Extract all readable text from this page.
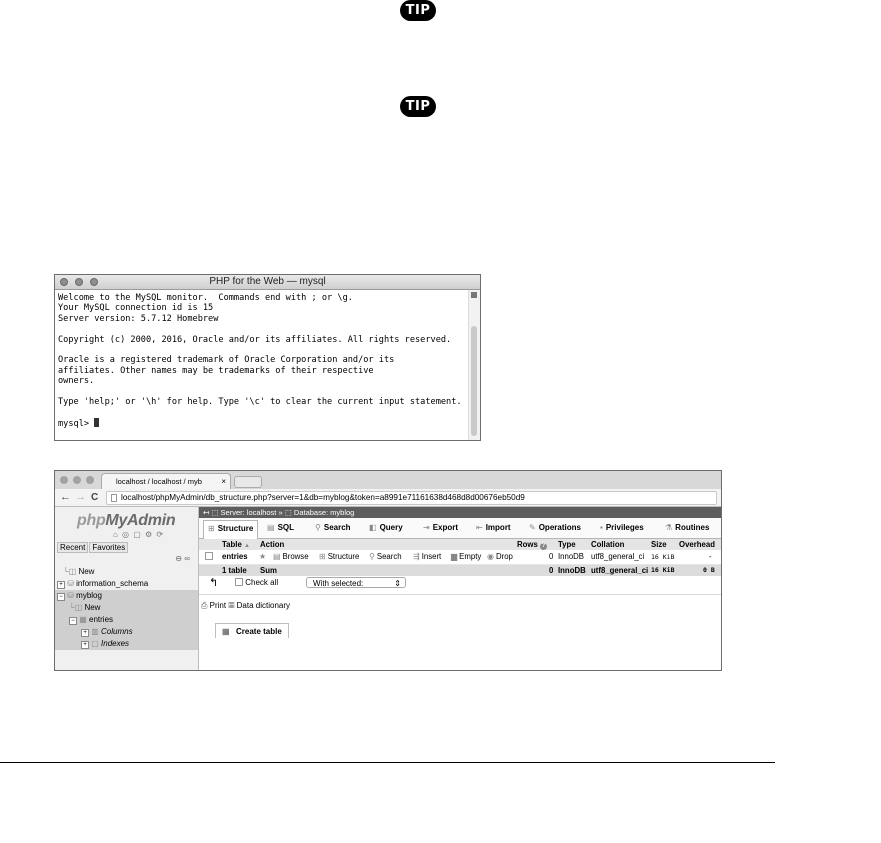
TIP
TIP
PHP for the Web — mysql
Welcome to the MySQL monitor.  Commands end with ; or \g.
Your MySQL connection id is 15
Server version: 5.7.12 Homebrew
Copyright (c) 2000, 2016, Oracle and/or its affiliates. All rights reserved.
Oracle is a registered trademark of Oracle Corporation and/or its
affiliates. Other names may be trademarks of their respective
owners.
Type 'help;' or '\h' for help. Type '\c' to clear the current input statement.
mysql>
localhost / localhost / myb ×
← → C	localhost/phpMyAdmin/db_structure.php?server=1&db=myblog&token=a8991e71161638d468d8d00676eb50d9
phpMyAdmin
⌂ ◎ ▢ ⚙ ⟳
Recent Favorites
⊖ ∞
└◫ New
+ ⛁ information_schema
− ⛁ myblog
└◫ New
− ▦ entries
+ ▥ Columns
+ ▢ Indexes
↤ ⬚ Server: localhost » ⬚ Database: myblog
⊞ Structure	▤ SQL	⚲ Search ◧ Query	⇥ Export ⇤ Import ✎ Operations ▪ Privileges	⚗ Routines
Table ▲ Action	Rows ? Type Collation	Size Overhead
entries ★ ▤ Browse ⊞ Structure ⚲ Search ⇶ Insert ▆ Empty ◉ Drop	0 InnoDB utf8_general_ci 16 KiB	-
1 table Sum	0 InnoDB utf8_general_ci 16 KiB	0 B
↰	Check all	With selected:	⇕
⎙ Print ▦ Data dictionary
▦ Create table
